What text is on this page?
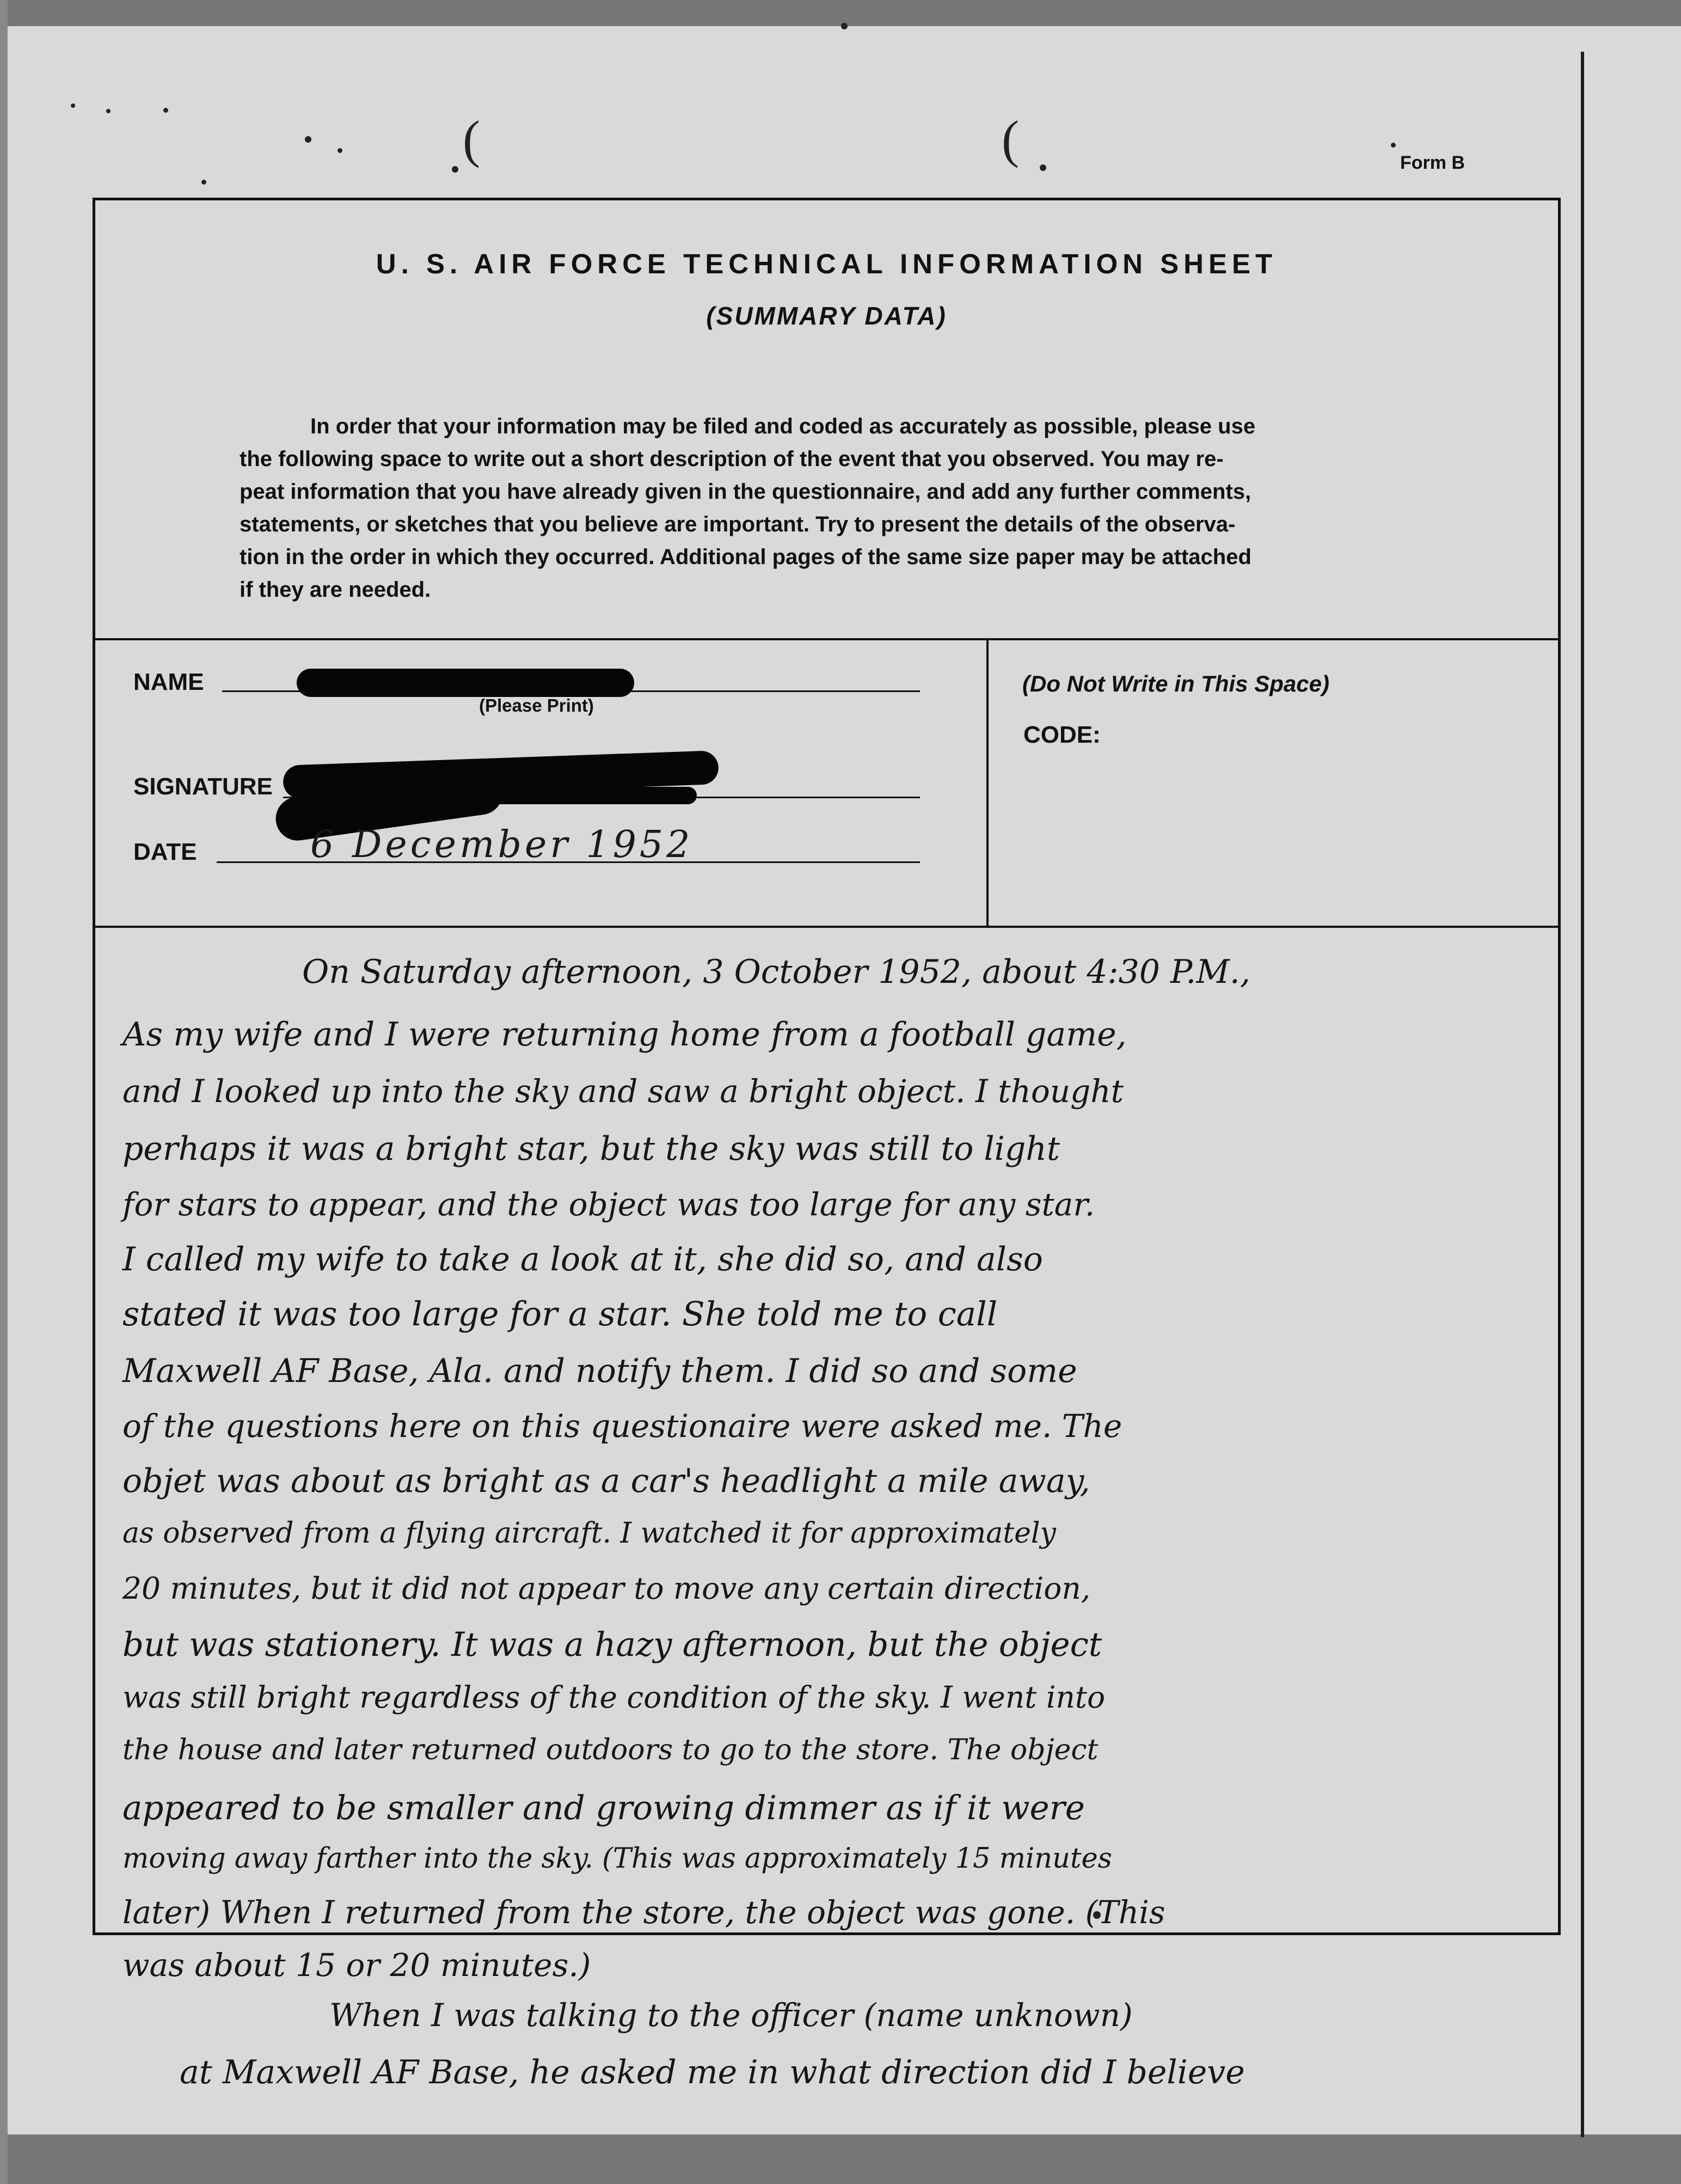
(	(	Form B
U. S. AIR FORCE TECHNICAL INFORMATION SHEET
(SUMMARY DATA)
In order that your information may be filed and coded as accurately as possible, please use
the following space to write out a short description of the event that you observed. You may re-
peat information that you have already given in the questionnaire, and add any further comments,
statements, or sketches that you believe are important. Try to present the details of the observa-
tion in the order in which they occurred. Additional pages of the same size paper may be attached
if they are needed.
NAME
(Please Print)
SIGNATURE
DATE	6 December 1952
(Do Not Write in This Space)
CODE:
On Saturday afternoon, 3 October 1952, about 4:30 P.M.,
As my wife and I were returning home from a football game,
and I looked up into the sky and saw a bright object. I thought
perhaps it was a bright star, but the sky was still to light
for stars to appear, and the object was too large for any star.
I called my wife to take a look at it, she did so, and also
stated it was too large for a star. She told me to call
Maxwell AF Base, Ala. and notify them. I did so and some
of the questions here on this questionaire were asked me. The
objet was about as bright as a car's headlight a mile away,
as observed from a flying aircraft. I watched it for approximately
20 minutes, but it did not appear to move any certain direction,
but was stationery. It was a hazy afternoon, but the object
was still bright regardless of the condition of the sky. I went into
the house and later returned outdoors to go to the store. The object
appeared to be smaller and growing dimmer as if it were
moving away farther into the sky. (This was approximately 15 minutes
later) When I returned from the store, the object was gone. (This
was about 15 or 20 minutes.)
When I was talking to the officer (name unknown)
at Maxwell AF Base, he asked me in what direction did I believe
